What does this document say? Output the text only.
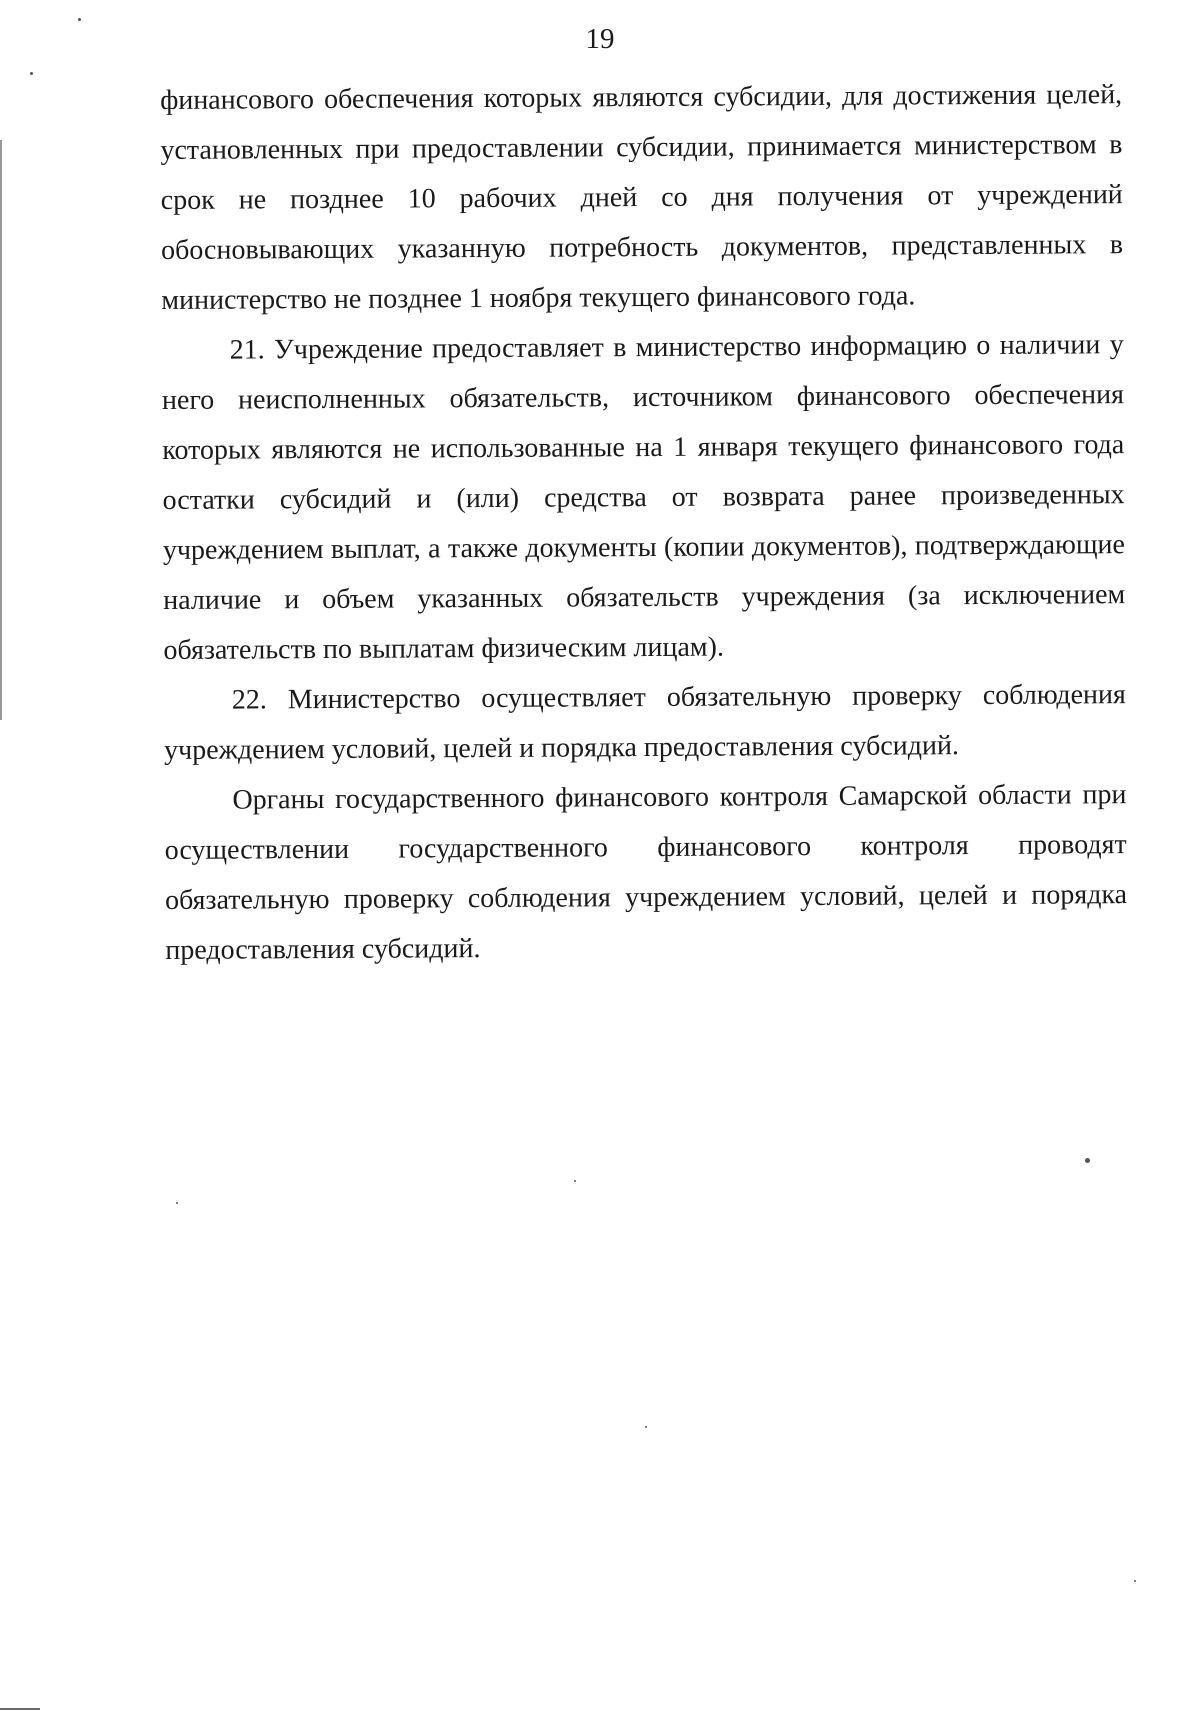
19

финансового обеспечения которых являются субсидии, для достижения целей, установленных при предоставлении субсидии, принимается министерством в срок не позднее 10 рабочих дней со дня получения от учреждений обосновывающих указанную потребность документов, представленных в министерство не позднее 1 ноября текущего финансового года.

21. Учреждение предоставляет в министерство информацию о наличии у него неисполненных обязательств, источником финансового обеспечения которых являются не использованные на 1 января текущего финансового года остатки субсидий и (или) средства от возврата ранее произведенных учреждением выплат, а также документы (копии документов), подтверждающие наличие и объем указанных обязательств учреждения (за исключением обязательств по выплатам физическим лицам).

22. Министерство осуществляет обязательную проверку соблюдения учреждением условий, целей и порядка предоставления субсидий.

Органы государственного финансового контроля Самарской области при осуществлении государственного финансового контроля проводят обязательную проверку соблюдения учреждением условий, целей и порядка предоставления субсидий.
